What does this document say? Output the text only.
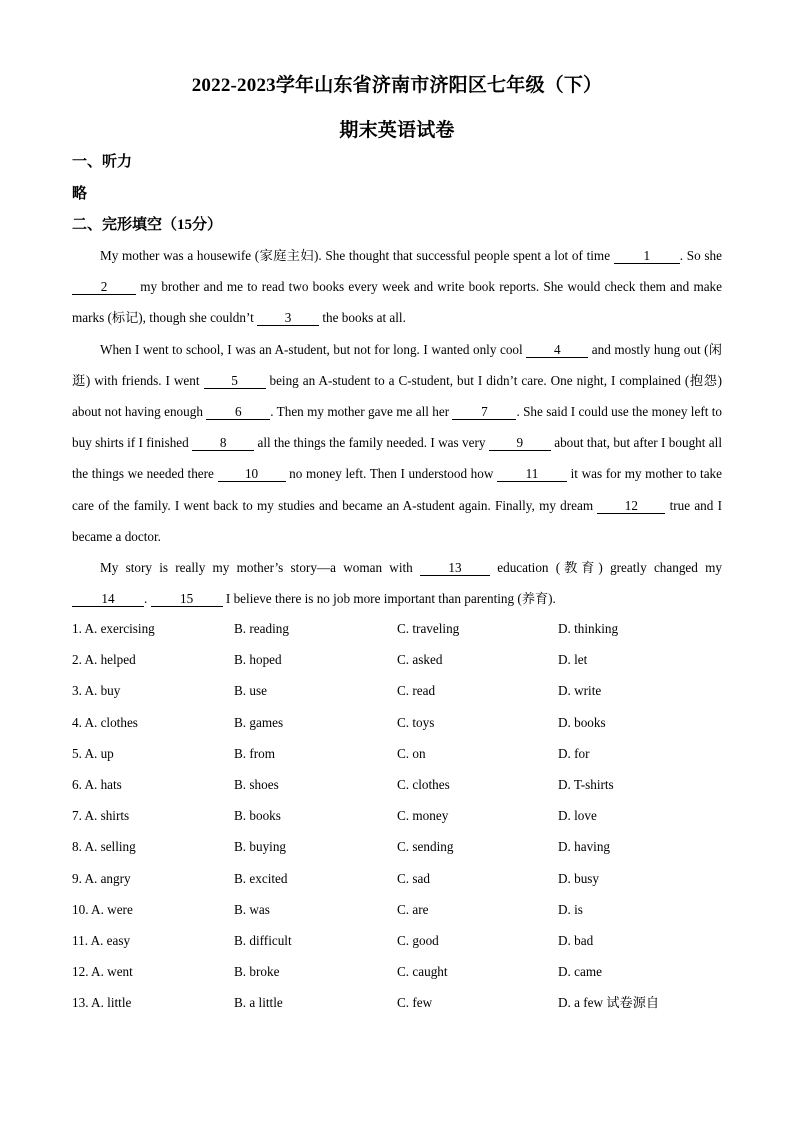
2022-2023学年山东省济南市济阳区七年级（下）
期末英语试卷
一、听力
略
二、完形填空（15分）

My mother was a housewife (家庭主妇). She thought that successful people spent a lot of time 1 . So she 2 my brother and me to read two books every week and write book reports. She would check them and make marks (标记), though she couldn’t 3 the books at all.

When I went to school, I was an A-student, but not for long. I wanted only cool 4 and mostly hung out (闲逛) with friends. I went 5 being an A-student to a C-student, but I didn’t care. One night, I complained (抱怨) about not having enough 6 . Then my mother gave me all her 7 . She said I could use the money left to buy shirts if I finished 8 all the things the family needed. I was very 9 about that, but after I bought all the things we needed there 10 no money left. Then I understood how 11 it was for my mother to take care of the family. I went back to my studies and became an A-student again. Finally, my dream 12 true and I became a doctor.

My story is really my mother’s story—a woman with 13 education (教育) greatly changed my 14 . 15 I believe there is no job more important than parenting (养育).

1. A. exercising	B. reading	C. traveling	D. thinking
2. A. helped	B. hoped	C. asked	D. let
3. A. buy	B. use	C. read	D. write
4. A. clothes	B. games	C. toys	D. books
5. A. up	B. from	C. on	D. for
6. A. hats	B. shoes	C. clothes	D. T-shirts
7. A. shirts	B. books	C. money	D. love
8. A. selling	B. buying	C. sending	D. having
9. A. angry	B. excited	C. sad	D. busy
10. A. were	B. was	C. are	D. is
11. A. easy	B. difficult	C. good	D. bad
12. A. went	B. broke	C. caught	D. came
13. A. little	B. a little	C. few	D. a few 试卷源自
